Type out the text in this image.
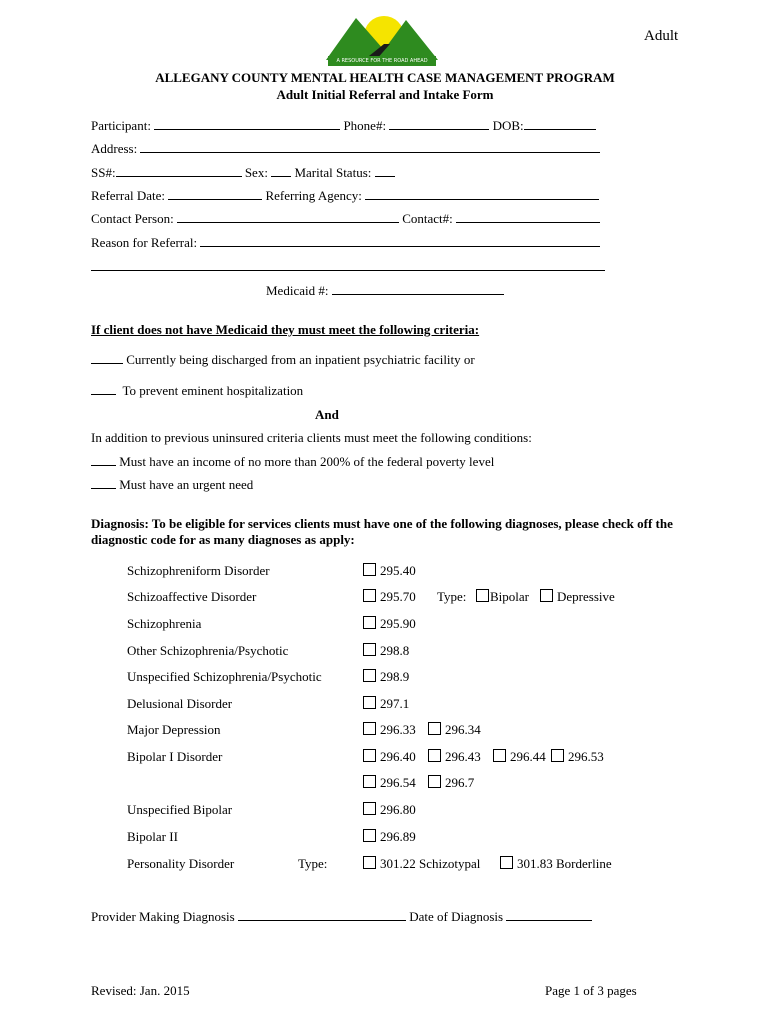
Adult
A RESOURCE FOR THE ROAD AHEAD
ALLEGANY COUNTY MENTAL HEALTH CASE MANAGEMENT PROGRAM
Adult Initial Referral and Intake Form
Participant:	Phone#:	DOB:
Address:
SS#:	Sex: Marital Status:
Referral Date:	Referring Agency:
Contact Person:	Contact#:
Reason for Referral:
Medicaid #:
If client does not have Medicaid they must meet the following criteria:
Currently being discharged from an inpatient psychiatric facility or
To prevent eminent hospitalization
And
In addition to previous uninsured criteria clients must meet the following conditions:
Must have an income of no more than 200% of the federal poverty level
Must have an urgent need
Diagnosis: To be eligible for services clients must have one of the following diagnoses, please check off the diagnostic code for as many diagnoses as apply:
Schizophreniform Disorder	295.40
Schizoaffective Disorder	295.70 Type:	Bipolar	Depressive
Schizophrenia	295.90
Other Schizophrenia/Psychotic	298.8
Unspecified Schizophrenia/Psychotic	298.9
Delusional Disorder	297.1
Major Depression	296.33	296.34
Bipolar I Disorder	296.40	296.43	296.44	296.53
296.54	296.7
Unspecified Bipolar	296.80
Bipolar II	296.89
Personality Disorder	Type:	301.22 Schizotypal	301.83 Borderline
Provider Making Diagnosis	Date of Diagnosis
Revised: Jan. 2015	Page 1 of 3 pages
